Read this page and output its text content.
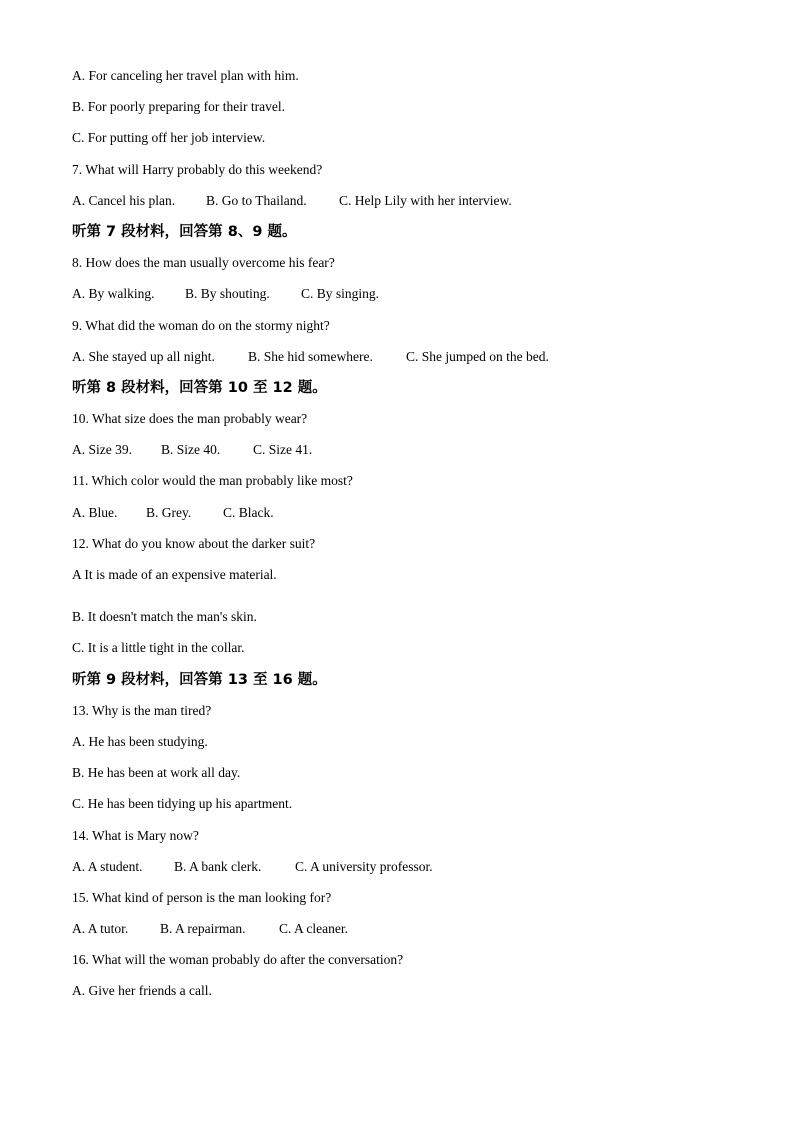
A. For canceling her travel plan with him.
B. For poorly preparing for their travel.
C. For putting off her job interview.
7. What will Harry probably do this weekend?
A. Cancel his plan. B. Go to Thailand. C. Help Lily with her interview.
听第 7 段材料，回答第 8、9 题。
8. How does the man usually overcome his fear?
A. By walking. B. By shouting. C. By singing.
9. What did the woman do on the stormy night?
A. She stayed up all night. B. She hid somewhere. C. She jumped on the bed.
听第 8 段材料，回答第 10 至 12 题。
10. What size does the man probably wear?
A. Size 39. B. Size 40. C. Size 41.
11. Which color would the man probably like most?
A. Blue. B. Grey. C. Black.
12. What do you know about the darker suit?
A It is made of an expensive material.
B. It doesn't match the man's skin.
C. It is a little tight in the collar.
听第 9 段材料，回答第 13 至 16 题。
13. Why is the man tired?
A. He has been studying.
B. He has been at work all day.
C. He has been tidying up his apartment.
14. What is Mary now?
A. A student. B. A bank clerk. C. A university professor.
15. What kind of person is the man looking for?
A. A tutor. B. A repairman. C. A cleaner.
16. What will the woman probably do after the conversation?
A. Give her friends a call.
